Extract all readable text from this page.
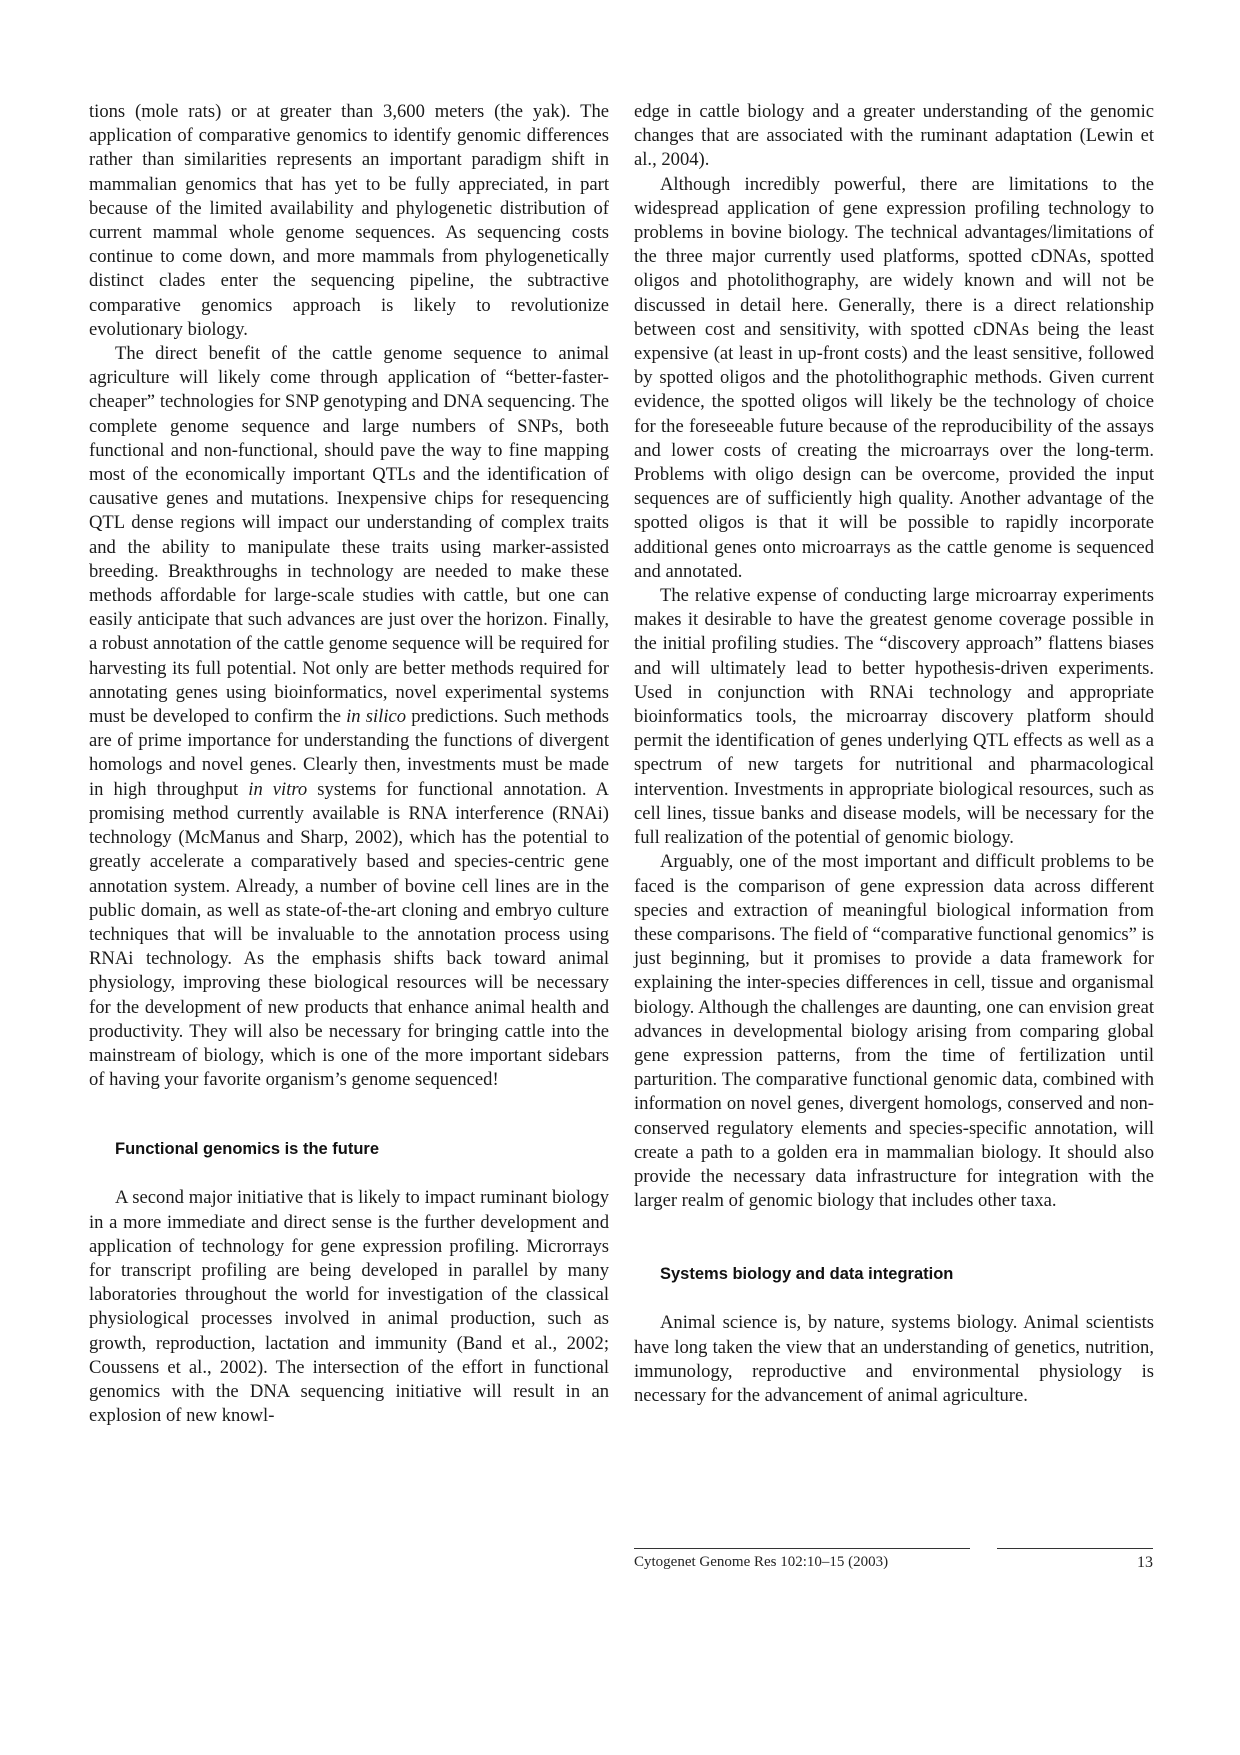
tions (mole rats) or at greater than 3,600 meters (the yak). The application of comparative genomics to identify genomic differences rather than similarities represents an important paradigm shift in mammalian genomics that has yet to be fully appreciated, in part because of the limited availability and phylogenetic distribution of current mammal whole genome sequences. As sequencing costs continue to come down, and more mammals from phylogenetically distinct clades enter the sequencing pipeline, the subtractive comparative genomics approach is likely to revolutionize evolutionary biology.

The direct benefit of the cattle genome sequence to animal agriculture will likely come through application of “better-faster-cheaper” technologies for SNP genotyping and DNA sequencing. The complete genome sequence and large numbers of SNPs, both functional and non-functional, should pave the way to fine mapping most of the economically important QTLs and the identification of causative genes and mutations. Inexpensive chips for resequencing QTL dense regions will impact our understanding of complex traits and the ability to manipulate these traits using marker-assisted breeding. Breakthroughs in technology are needed to make these methods affordable for large-scale studies with cattle, but one can easily anticipate that such advances are just over the horizon. Finally, a robust annotation of the cattle genome sequence will be required for harvesting its full potential. Not only are better methods required for annotating genes using bioinformatics, novel experimental systems must be developed to confirm the in silico predictions. Such methods are of prime importance for understanding the functions of divergent homologs and novel genes. Clearly then, investments must be made in high throughput in vitro systems for functional annotation. A promising method currently available is RNA interference (RNAi) technology (McManus and Sharp, 2002), which has the potential to greatly accelerate a comparatively based and species-centric gene annotation system. Already, a number of bovine cell lines are in the public domain, as well as state-of-the-art cloning and embryo culture techniques that will be invaluable to the annotation process using RNAi technology. As the emphasis shifts back toward animal physiology, improving these biological resources will be necessary for the development of new products that enhance animal health and productivity. They will also be necessary for bringing cattle into the mainstream of biology, which is one of the more important sidebars of having your favorite organism’s genome sequenced!

Functional genomics is the future

A second major initiative that is likely to impact ruminant biology in a more immediate and direct sense is the further development and application of technology for gene expression profiling. Microrrays for transcript profiling are being developed in parallel by many laboratories throughout the world for investigation of the classical physiological processes involved in animal production, such as growth, reproduction, lactation and immunity (Band et al., 2002; Coussens et al., 2002). The intersection of the effort in functional genomics with the DNA sequencing initiative will result in an explosion of new knowl-

edge in cattle biology and a greater understanding of the genomic changes that are associated with the ruminant adaptation (Lewin et al., 2004).

Although incredibly powerful, there are limitations to the widespread application of gene expression profiling technology to problems in bovine biology. The technical advantages/limitations of the three major currently used platforms, spotted cDNAs, spotted oligos and photolithography, are widely known and will not be discussed in detail here. Generally, there is a direct relationship between cost and sensitivity, with spotted cDNAs being the least expensive (at least in up-front costs) and the least sensitive, followed by spotted oligos and the photolithographic methods. Given current evidence, the spotted oligos will likely be the technology of choice for the foreseeable future because of the reproducibility of the assays and lower costs of creating the microarrays over the long-term. Problems with oligo design can be overcome, provided the input sequences are of sufficiently high quality. Another advantage of the spotted oligos is that it will be possible to rapidly incorporate additional genes onto microarrays as the cattle genome is sequenced and annotated.

The relative expense of conducting large microarray experiments makes it desirable to have the greatest genome coverage possible in the initial profiling studies. The “discovery approach” flattens biases and will ultimately lead to better hypothesis-driven experiments. Used in conjunction with RNAi technology and appropriate bioinformatics tools, the microarray discovery platform should permit the identification of genes underlying QTL effects as well as a spectrum of new targets for nutritional and pharmacological intervention. Investments in appropriate biological resources, such as cell lines, tissue banks and disease models, will be necessary for the full realization of the potential of genomic biology.

Arguably, one of the most important and difficult problems to be faced is the comparison of gene expression data across different species and extraction of meaningful biological information from these comparisons. The field of “comparative functional genomics” is just beginning, but it promises to provide a data framework for explaining the inter-species differences in cell, tissue and organismal biology. Although the challenges are daunting, one can envision great advances in developmental biology arising from comparing global gene expression patterns, from the time of fertilization until parturition. The comparative functional genomic data, combined with information on novel genes, divergent homologs, conserved and non-conserved regulatory elements and species-specific annotation, will create a path to a golden era in mammalian biology. It should also provide the necessary data infrastructure for integration with the larger realm of genomic biology that includes other taxa.

Systems biology and data integration

Animal science is, by nature, systems biology. Animal scientists have long taken the view that an understanding of genetics, nutrition, immunology, reproductive and environmental physiology is necessary for the advancement of animal agriculture.

Cytogenet Genome Res 102:10–15 (2003)	13
